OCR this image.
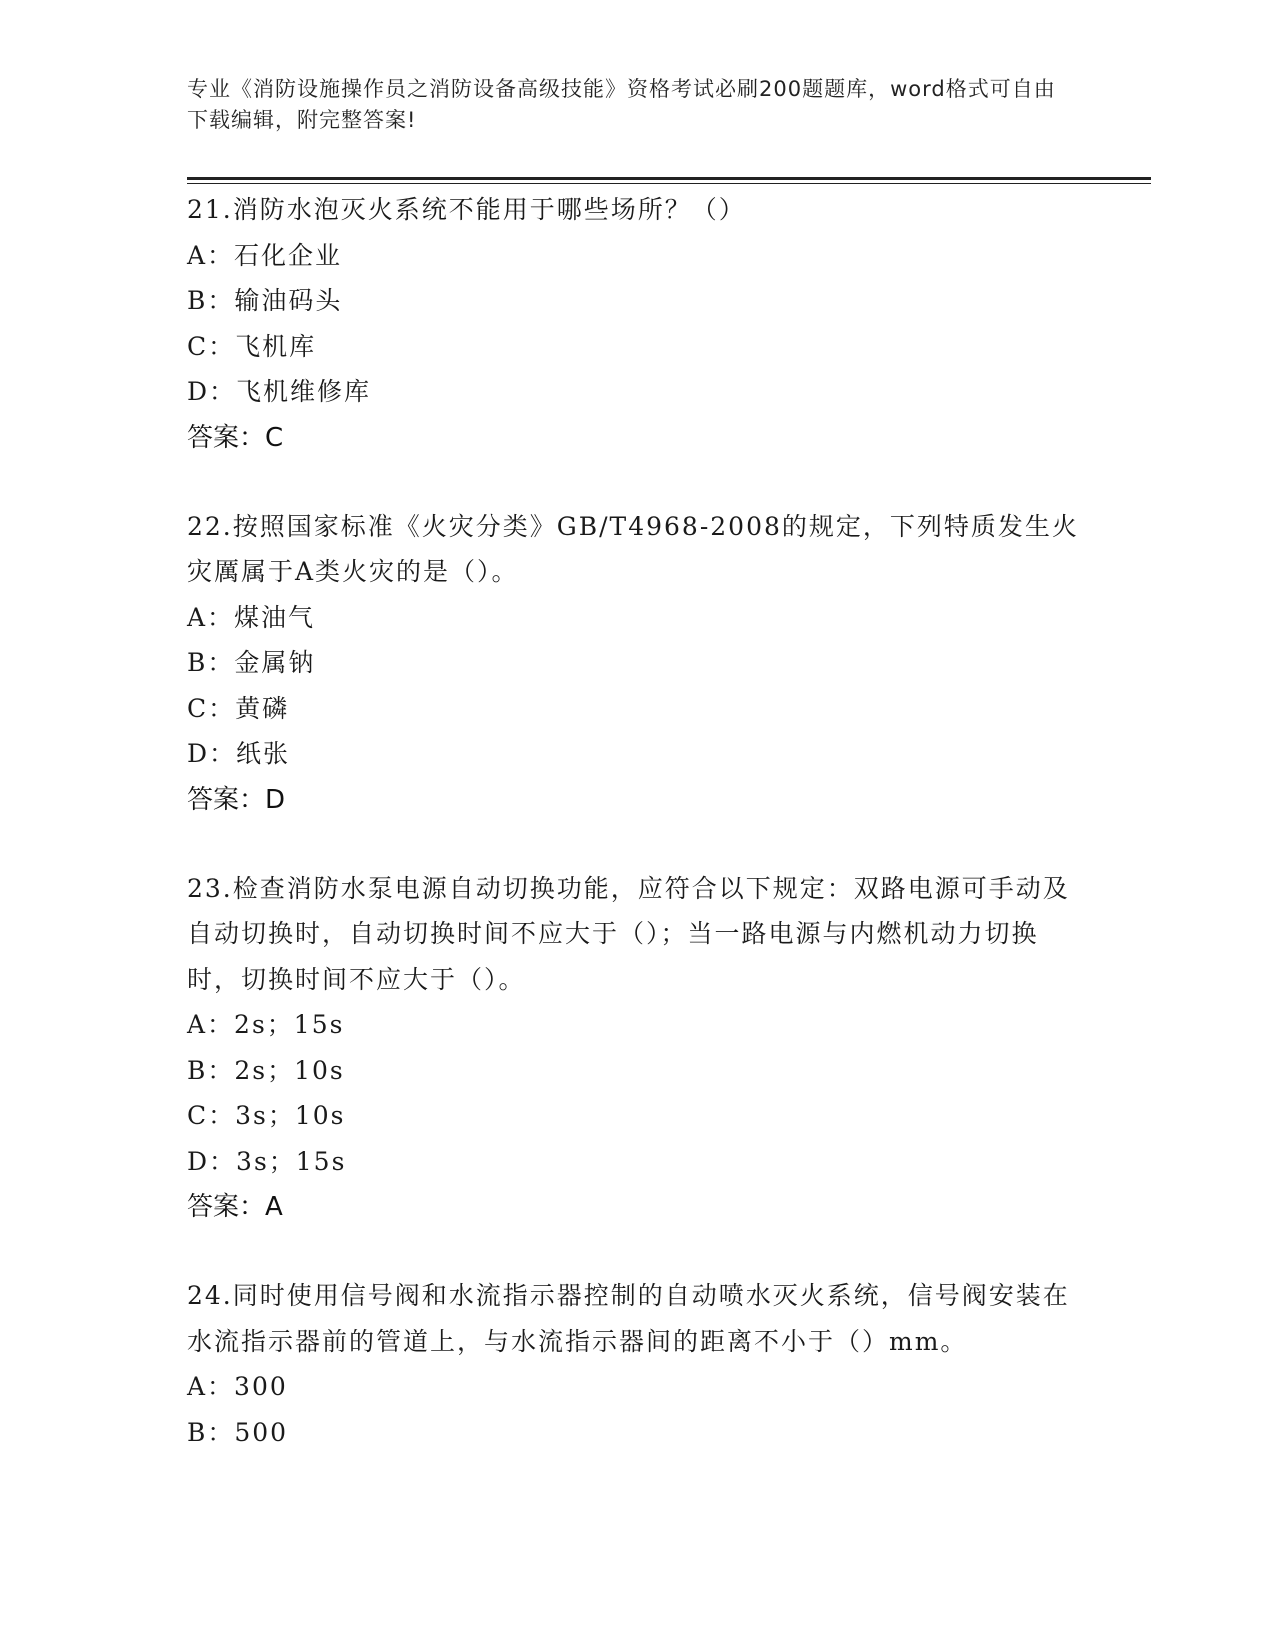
专业《消防设施操作员之消防设备高级技能》资格考试必刷200题题库，word格式可自由下载编辑，附完整答案!

21.消防水泡灭火系统不能用于哪些场所？（）

A：石化企业

B：输油码头

C：飞机库

D：飞机维修库

答案：C

22.按照国家标准《火灾分类》GB/T4968-2008的规定，下列特质发生火灾厲属于A类火灾的是（）。

A：煤油气

B：金属钠

C：黄磷

D：纸张

答案：D

23.检查消防水泵电源自动切换功能，应符合以下规定：双路电源可手动及自动切换时，自动切换时间不应大于（）；当一路电源与内燃机动力切换时，切换时间不应大于（）。

A：2s；15s

B：2s；10s

C：3s；10s

D：3s；15s

答案：A

24.同时使用信号阀和水流指示器控制的自动喷水灭火系统，信号阀安装在水流指示器前的管道上，与水流指示器间的距离不小于（）mm。

A：300

B：500
